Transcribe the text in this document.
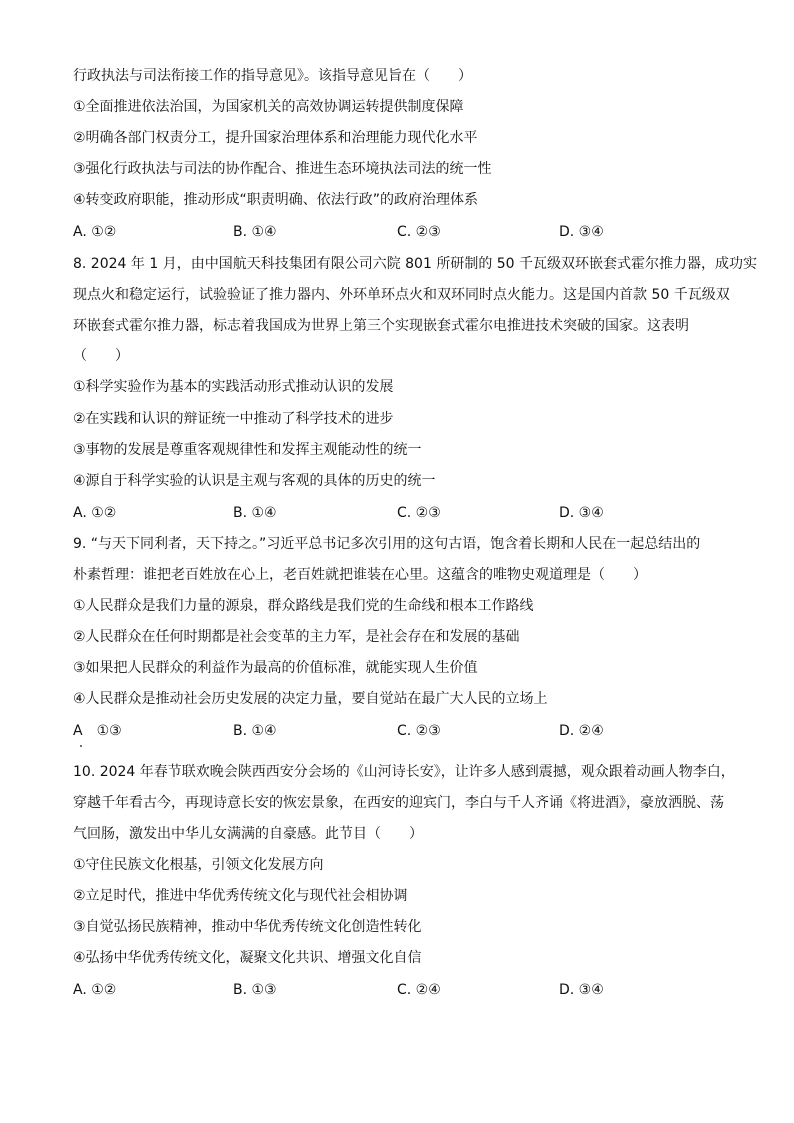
行政执法与司法衔接工作的指导意见》。该指导意见旨在（　　）
①全面推进依法治国，为国家机关的高效协调运转提供制度保障
②明确各部门权责分工，提升国家治理体系和治理能力现代化水平
③强化行政执法与司法的协作配合、推进生态环境执法司法的统一性
④转变政府职能，推动形成“职责明确、依法行政”的政府治理体系
A. ①②	B. ①④	C. ②③	D. ③④
8. 2024 年 1 月，由中国航天科技集团有限公司六院 801 所研制的 50 千瓦级双环嵌套式霍尔推力器，成功实
现点火和稳定运行，试验验证了推力器内、外环单环点火和双环同时点火能力。这是国内首款 50 千瓦级双
环嵌套式霍尔推力器，标志着我国成为世界上第三个实现嵌套式霍尔电推进技术突破的国家。这表明
（　　）
①科学实验作为基本的实践活动形式推动认识的发展
②在实践和认识的辩证统一中推动了科学技术的进步
③事物的发展是尊重客观规律性和发挥主观能动性的统一
④源自于科学实验的认识是主观与客观的具体的历史的统一
A. ①②	B. ①④	C. ②③	D. ③④
9. “与天下同利者，天下持之。”习近平总书记多次引用的这句古语，饱含着长期和人民在一起总结出的
朴素哲理：谁把老百姓放在心上，老百姓就把谁装在心里。这蕴含的唯物史观道理是（　　）
①人民群众是我们力量的源泉，群众路线是我们党的生命线和根本工作路线
②人民群众在任何时期都是社会变革的主力军，是社会存在和发展的基础
③如果把人民群众的利益作为最高的价值标准，就能实现人生价值
④人民群众是推动社会历史发展的决定力量，要自觉站在最广大人民的立场上
A　①③	B. ①④	C. ②③	D. ②④
10. 2024 年春节联欢晚会陕西西安分会场的《山河诗长安》，让许多人感到震撼，观众跟着动画人物李白，
穿越千年看古今，再现诗意长安的恢宏景象，在西安的迎宾门，李白与千人齐诵《将进酒》，豪放洒脱、荡
气回肠，激发出中华儿女满满的自豪感。此节目（　　）
①守住民族文化根基，引领文化发展方向
②立足时代，推进中华优秀传统文化与现代社会相协调
③自觉弘扬民族精神，推动中华优秀传统文化创造性转化
④弘扬中华优秀传统文化，凝聚文化共识、增强文化自信
A. ①②	B. ①③	C. ②④	D. ③④
